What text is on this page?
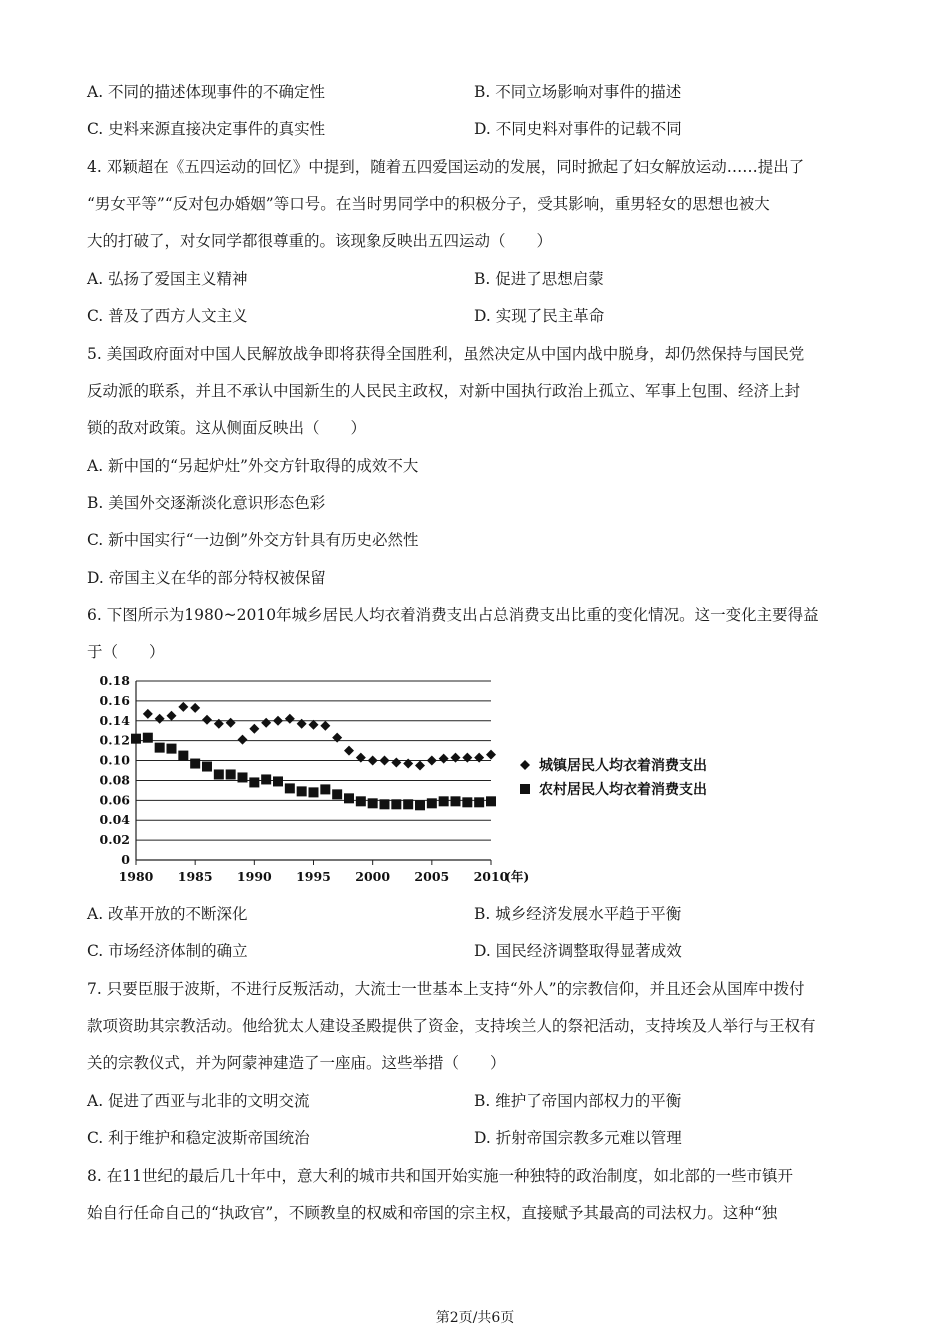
A. 不同的描述体现事件的不确定性	B. 不同立场影响对事件的描述
C. 史料来源直接决定事件的真实性	D. 不同史料对事件的记载不同
4. 邓颖超在《五四运动的回忆》中提到，随着五四爱国运动的发展，同时掀起了妇女解放运动……提出了
“男女平等”“反对包办婚姻”等口号。在当时男同学中的积极分子，受其影响，重男轻女的思想也被大
大的打破了，对女同学都很尊重的。该现象反映出五四运动（　　）
A. 弘扬了爱国主义精神	B. 促进了思想启蒙
C. 普及了西方人文主义	D. 实现了民主革命
5. 美国政府面对中国人民解放战争即将获得全国胜利，虽然决定从中国内战中脱身，却仍然保持与国民党
反动派的联系，并且不承认中国新生的人民民主政权，对新中国执行政治上孤立、军事上包围、经济上封
锁的敌对政策。这从侧面反映出（　　）
A. 新中国的“另起炉灶”外交方针取得的成效不大
B. 美国外交逐渐淡化意识形态色彩
C. 新中国实行“一边倒”外交方针具有历史必然性
D. 帝国主义在华的部分特权被保留
6. 下图所示为1980~2010年城乡居民人均衣着消费支出占总消费支出比重的变化情况。这一变化主要得益
于（　　）
0
0.02
0.04
0.06
0.08
0.10
0.12
0.14
0.16
0.18
1980 1985 1990 1995 2000 2005 2010
(年)
城镇居民人均衣着消费支出
农村居民人均衣着消费支出
A. 改革开放的不断深化	B. 城乡经济发展水平趋于平衡
C. 市场经济体制的确立	D. 国民经济调整取得显著成效
7. 只要臣服于波斯，不进行反叛活动，大流士一世基本上支持“外人”的宗教信仰，并且还会从国库中拨付
款项资助其宗教活动。他给犹太人建设圣殿提供了资金，支持埃兰人的祭祀活动，支持埃及人举行与王权有
关的宗教仪式，并为阿蒙神建造了一座庙。这些举措（　　）
A. 促进了西亚与北非的文明交流	B. 维护了帝国内部权力的平衡
C. 利于维护和稳定波斯帝国统治	D. 折射帝国宗教多元难以管理
8. 在11世纪的最后几十年中，意大利的城市共和国开始实施一种独特的政治制度，如北部的一些市镇开
始自行任命自己的“执政官”，不顾教皇的权威和帝国的宗主权，直接赋予其最高的司法权力。这种“独
第2页/共6页
